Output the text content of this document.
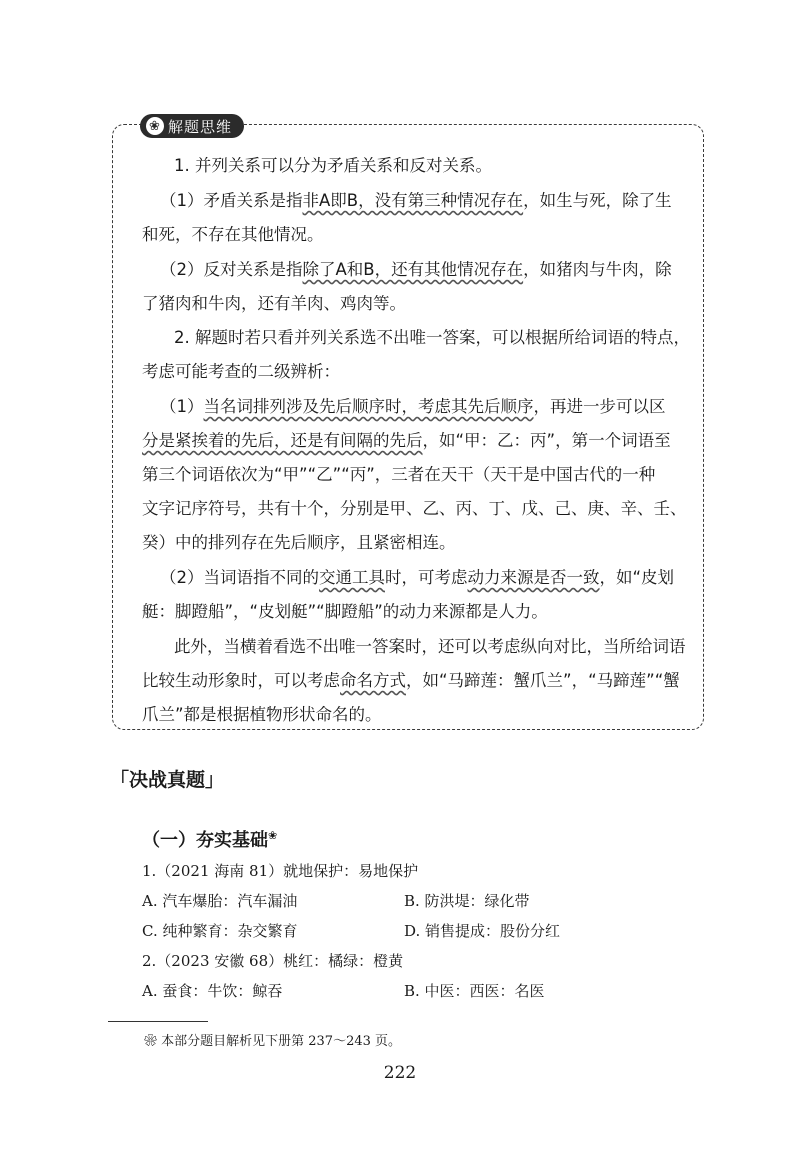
❀ 解题思维

1. 并列关系可以分为矛盾关系和反对关系。

（1）矛盾关系是指非A即B，没有第三种情况存在，如生与死，除了生

和死，不存在其他情况。

（2）反对关系是指除了A和B，还有其他情况存在，如猪肉与牛肉，除

了猪肉和牛肉，还有羊肉、鸡肉等。

2. 解题时若只看并列关系选不出唯一答案，可以根据所给词语的特点，

考虑可能考查的二级辨析：

（1）当名词排列涉及先后顺序时，考虑其先后顺序，再进一步可以区

分是紧挨着的先后，还是有间隔的先后，如“甲：乙：丙”，第一个词语至

第三个词语依次为“甲”“乙”“丙”，三者在天干（天干是中国古代的一种

文字记序符号，共有十个，分别是甲、乙、丙、丁、戊、己、庚、辛、壬、

癸）中的排列存在先后顺序，且紧密相连。

（2）当词语指不同的交通工具时，可考虑动力来源是否一致，如“皮划

艇：脚蹬船”，“皮划艇”“脚蹬船”的动力来源都是人力。

此外，当横着看选不出唯一答案时，还可以考虑纵向对比，当所给词语

比较生动形象时，可以考虑命名方式，如“马蹄莲：蟹爪兰”，“马蹄莲”“蟹

爪兰”都是根据植物形状命名的。

「决战真题」
（一）夯实基础❀
1.（2021 海南 81）就地保护：易地保护
A. 汽车爆胎：汽车漏油	B. 防洪堤：绿化带
C. 纯种繁育：杂交繁育	D. 销售提成：股份分红
2.（2023 安徽 68）桃红：橘绿：橙黄
A. 蚕食：牛饮：鲸吞	B. 中医：西医：名医
❀ 本部分题目解析见下册第 237～243 页。
222
